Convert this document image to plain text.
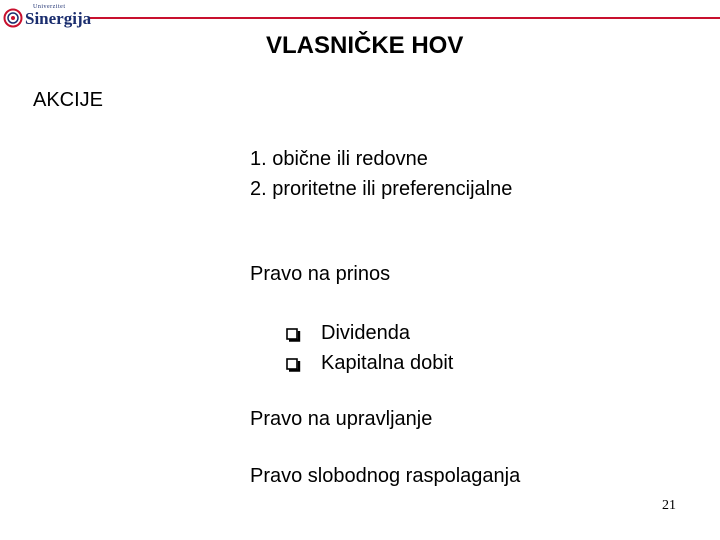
Univerzitet
Sinergija
VLASNIČKE HOV
AKCIJE
1. obične ili redovne
2. proritetne ili preferencijalne
Pravo na prinos
Dividenda
Kapitalna dobit
Pravo na upravljanje
Pravo slobodnog raspolaganja
21
